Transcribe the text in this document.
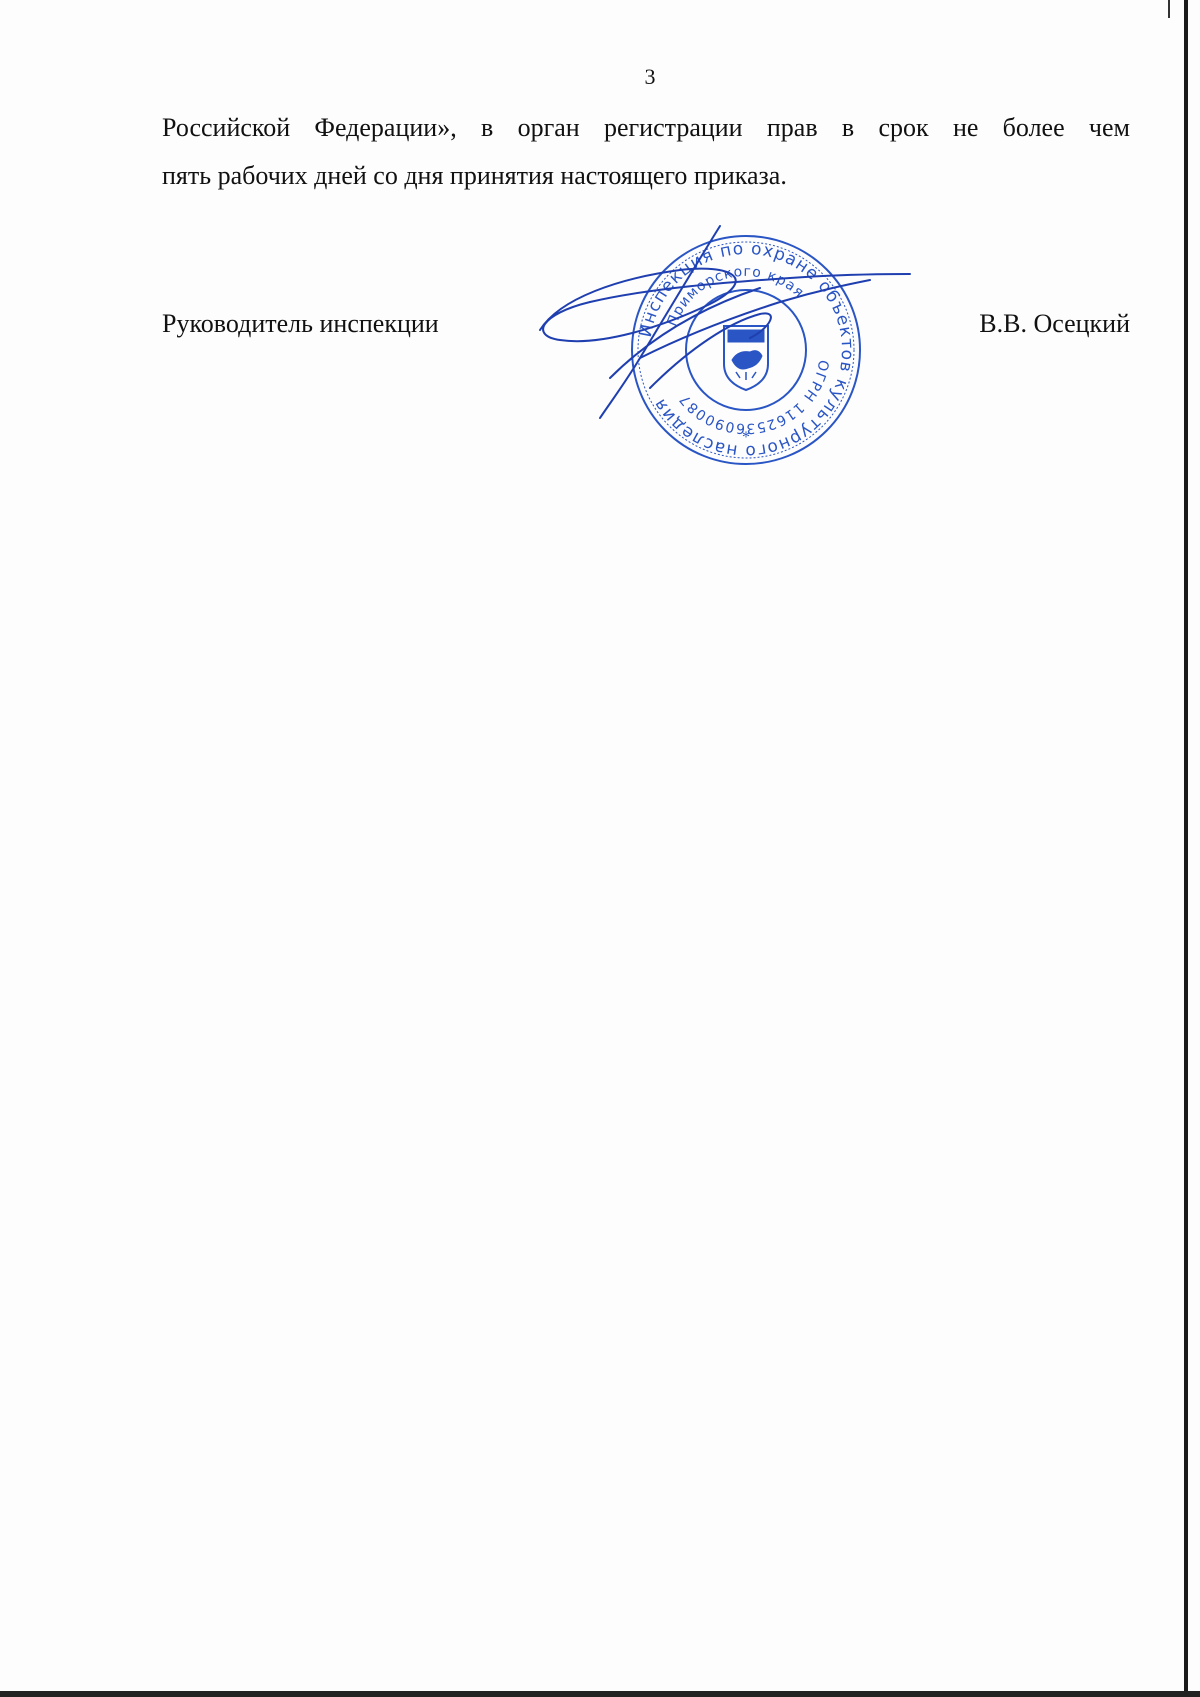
3
Российской Федерации», в орган регистрации прав в срок не более чем
пять рабочих дней со дня принятия настоящего приказа.
Инспекция по охране объектов культурного наследия
Приморского края
ОГРН 1162536090087
*
Руководитель инспекции	В.В. Осецкий
